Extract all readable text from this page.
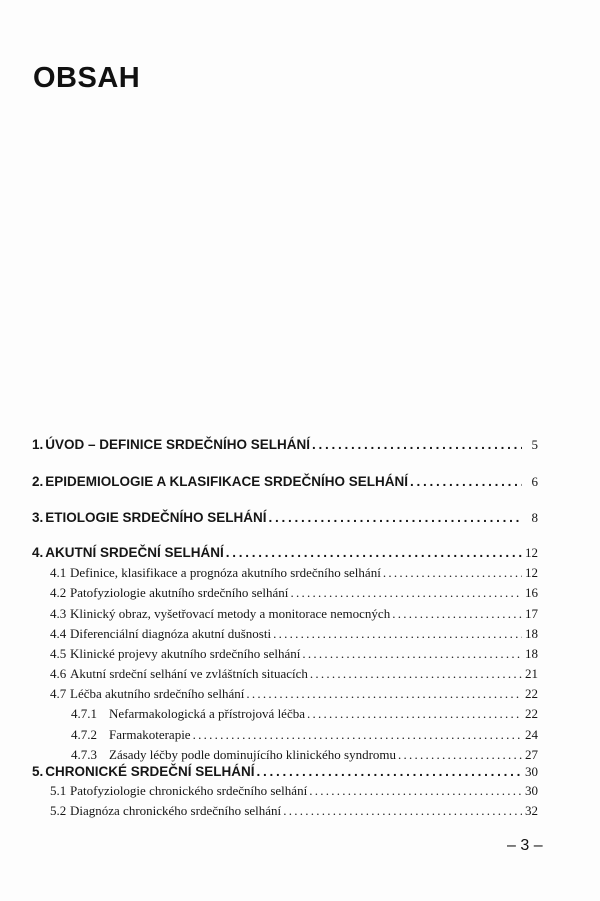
OBSAH
1. ÚVOD – DEFINICE SRDEČNÍHO SELHÁNÍ . . .	5
2. EPIDEMIOLOGIE A KLASIFIKACE SRDEČNÍHO SELHÁNÍ . . .	6
3. ETIOLOGIE SRDEČNÍHO SELHÁNÍ . . .	8
4. AKUTNÍ SRDEČNÍ SELHÁNÍ . . .	12
4.1 Definice, klasifikace a prognóza akutního srdečního selhání . . .	12
4.2 Patofyziologie akutního srdečního selhání . . .	16
4.3 Klinický obraz, vyšetřovací metody a monitorace nemocných . . .	17
4.4 Diferenciální diagnóza akutní dušnosti . . .	18
4.5 Klinické projevy akutního srdečního selhání . . .	18
4.6 Akutní srdeční selhání ve zvláštních situacích . . .	21
4.7 Léčba akutního srdečního selhání . . .	22
4.7.1 Nefarmakologická a přístrojová léčba . . .	22
4.7.2 Farmakoterapie . . .	24
4.7.3 Zásady léčby podle dominujícího klinického syndromu . . .	27
5. CHRONICKÉ SRDEČNÍ SELHÁNÍ . . .	30
5.1 Patofyziologie chronického srdečního selhání . . .	30
5.2 Diagnóza chronického srdečního selhání . . .	32
– 3 –
